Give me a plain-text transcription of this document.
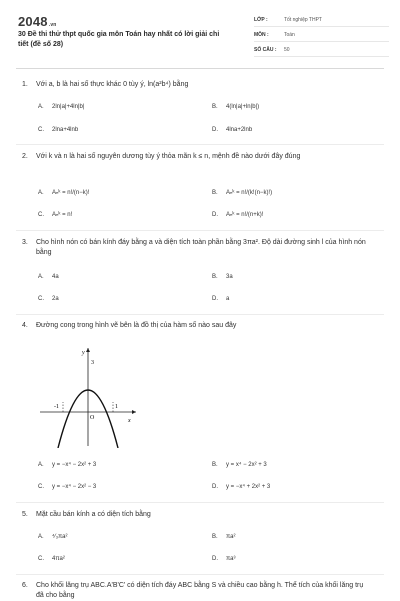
2048.vn
30 Đề thi thử thpt quốc gia môn Toán hay nhất có lời giải chi tiết (đề số 28)
LỚP :	Tốt nghiệp THPT
MÔN :	Toán
SỐ CÂU :	50
1. Với a, b là hai số thực khác 0 tùy ý, ln(a²b⁴) bằng
A. 2ln|a|+4ln|b|	B. 4(ln|a|+ln|b|)
C. 2lna+4lnb	D. 4lna+2lnb
2. Với k và n là hai số nguyên dương tùy ý thỏa mãn k ≤ n, mệnh đề nào dưới đây đúng
A. Aₙᵏ = n!/(n−k)!	B. Aₙᵏ = n!/(k!(n−k)!)
C. Aₙᵏ = n!	D. Aₙᵏ = n!/(n+k)!
3. Cho hình nón có bán kính đáy bằng a và diện tích toàn phần bằng 3πa². Độ dài đường sinh l của hình nón bằng
A. 4a	B. 3a
C. 2a	D. a
4. Đường cong trong hình vẽ bên là đồ thị của hàm số nào sau đây
y
x
O
-1	1
3
A. y = −x⁴ − 2x² + 3	B. y = x⁴ − 2x² + 3
C. y = −x⁴ − 2x² − 3	D. y = −x⁴ + 2x² + 3
5. Mặt cầu bán kính a có diện tích bằng
A. ⁴⁄₃πa²	B. πa²
C. 4πa²	D. πa³
6. Cho khối lăng trụ ABC.A'B'C' có diện tích đáy ABC bằng S và chiều cao bằng h. Thể tích của khối lăng trụ đã cho bằng
